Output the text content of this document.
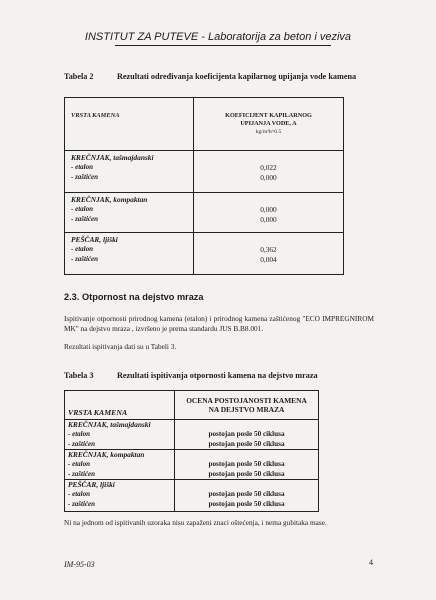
INSTITUT ZA PUTEVE - Laboratorija za beton i veziva
Tabela 2	Rezultati određivanja koeficijenta kapilarnog upijanja vode kamena
VRSTA KAMENA	KOEFICIJENT KAPILARNOG
UPIJANJA VODE, A
kg/m²h^0.5

KREČNJAK, tašmajdanski	
- etalon	0,022
- zaštićen	0,000
KREČNJAK, kompaktan	
- etalon	0,000
- zaštićen	0,000
PEŠČAR, ljiški	
- etalon	0,362
- zaštićen	0,004
2.3. Otpornost na dejstvo mraza
Ispitivanje otpornosti prirodnog kamena (etalon) i prirodnog kamena zaštićenog "ECO IMPREGNIROM MK" na dejstvo mraza , izvršeno je prema standardu JUS B.B8.001.
Rezultati ispitivanja dati su u Tabeli 3.
Tabela 3	Rezultati ispitivanja otpornosti kamena na dejstvo mraza
VRSTA KAMENA	OCENA POSTOJANOSTI KAMENA
NA DEJSTVO MRAZA

KREČNJAK, tašmajdanski	
- etalon	postojan posle 50 ciklusa
- zaštićen	postojan posle 50 ciklusa
KREČNJAK, kompaktan	
- etalon	postojan posle 50 ciklusa
- zaštićen	postojan posle 50 ciklusa
PEŠČAR, ljiški	
- etalon	postojan posle 50 ciklusa
- zaštićen	postojan posle 50 ciklusa
Ni na jednom od ispitivanih uzoraka nisu zapaženi znaci oštećenja, i nema gubitaka mase.
IM-95-03	4
